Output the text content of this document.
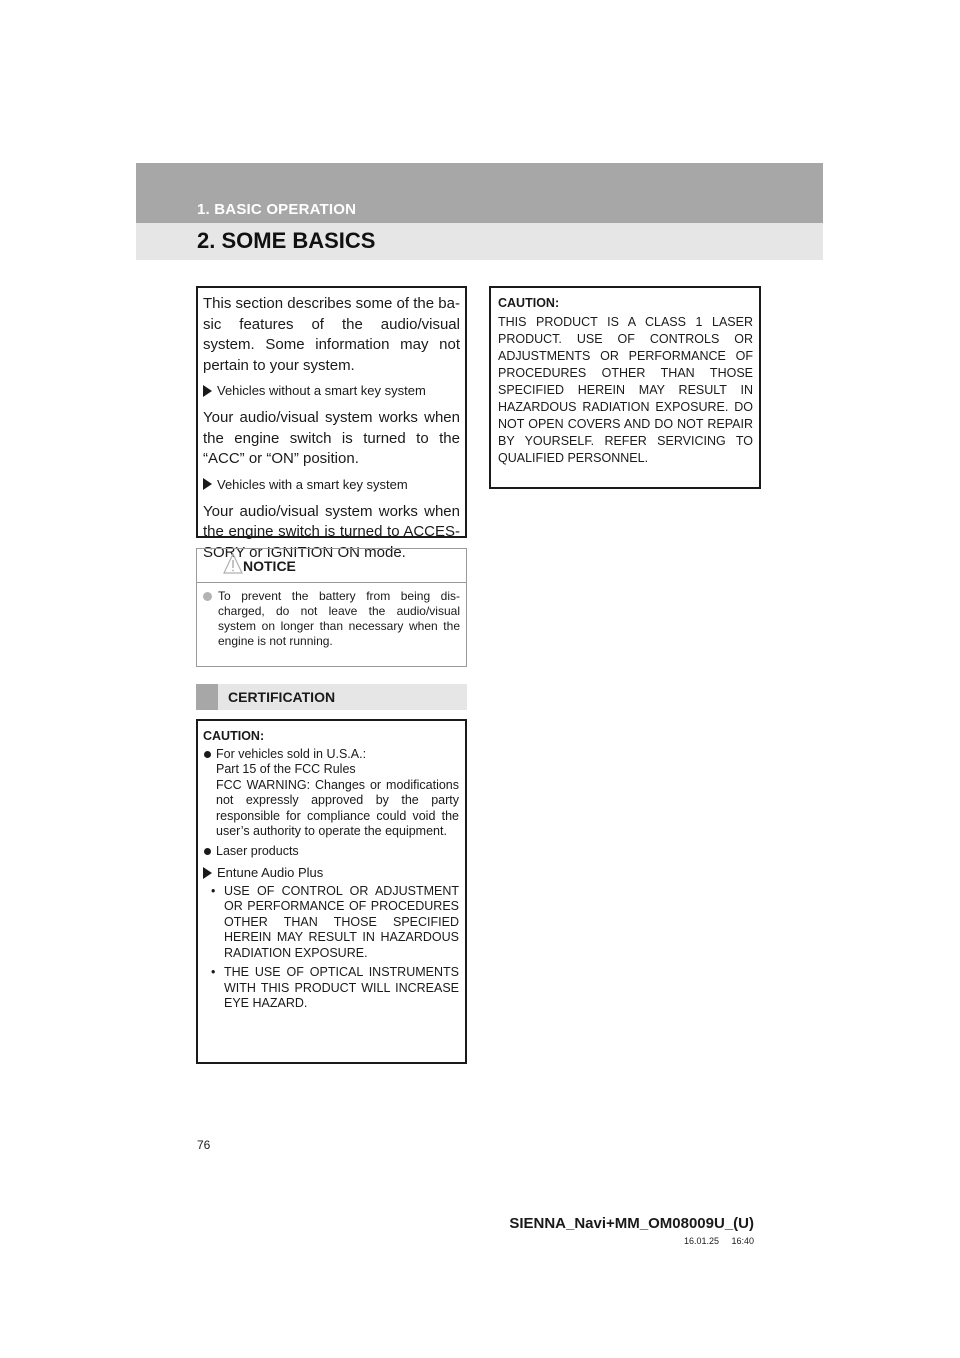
1. BASIC OPERATION
2. SOME BASICS

This section describes some of the ba-sic features of the audio/visual system. Some information may not pertain to your system.

Vehicles without a smart key system

Your audio/visual system works when the engine switch is turned to the “ACC” or “ON” position.

Vehicles with a smart key system

Your audio/visual system works when the engine switch is turned to ACCES-SORY or IGNITION ON mode.

NOTICE
To prevent the battery from being dis-charged, do not leave the audio/visual system on longer than necessary when the engine is not running.
CERTIFICATION
CAUTION:
For vehicles sold in U.S.A.:
Part 15 of the FCC Rules
FCC WARNING: Changes or modifications not expressly approved by the party responsible for compliance could void the user’s authority to operate the equipment.
Laser products
Entune Audio Plus
• USE OF CONTROL OR ADJUSTMENT OR PERFORMANCE OF PROCEDURES OTHER THAN THOSE SPECIFIED HEREIN MAY RESULT IN HAZARDOUS RADIATION EXPOSURE.
• THE USE OF OPTICAL INSTRUMENTS WITH THIS PRODUCT WILL INCREASE EYE HAZARD.
CAUTION:
THIS PRODUCT IS A CLASS 1 LASER PRODUCT. USE OF CONTROLS OR ADJUSTMENTS OR PERFORMANCE OF PROCEDURES OTHER THAN THOSE SPECIFIED HEREIN MAY RESULT IN HAZARDOUS RADIATION EXPOSURE. DO NOT OPEN COVERS AND DO NOT REPAIR BY YOURSELF. REFER SERVICING TO QUALIFIED PERSONNEL.
76
SIENNA_Navi+MM_OM08009U_(U)
16.01.25     16:40
